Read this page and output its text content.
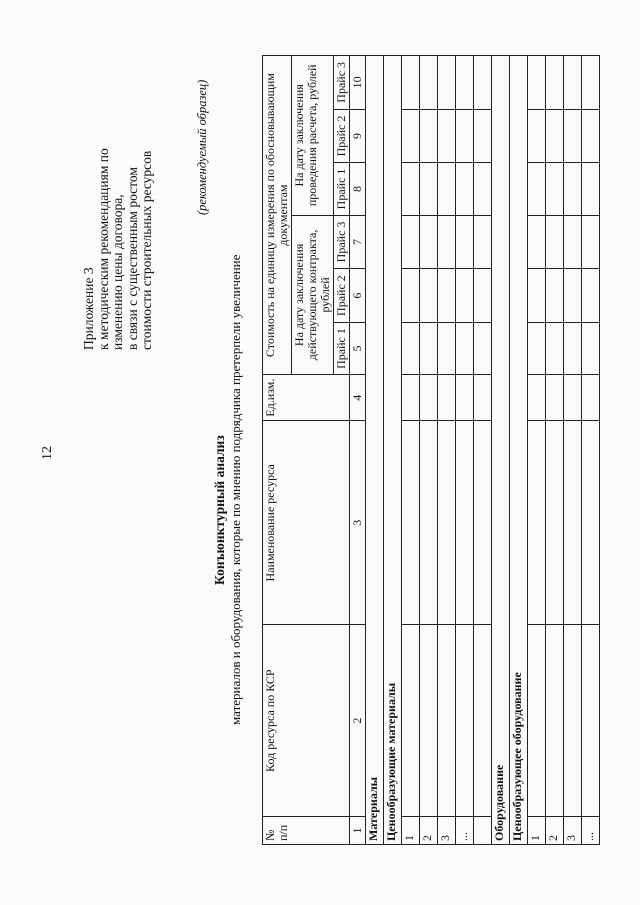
12
Приложение 3 к методическим рекомендациям по изменению цены договора, в связи с существенным ростом стоимости строительных ресурсов
(рекомендуемый образец)
Конъюнктурный анализ материалов и оборудования, которые по мнению подрядчика претерпели увеличение
№ п/п	Код ресурса по КСР	Наименование ресурса	Ед.изм.	Стоимость на единицу измерения по обосновывающим документам					
				На дату заключения действующего контракта, рублей			На дату заключения проведения расчета, рублей		
				Прайс 1	Прайс 2	Прайс 3	Прайс 1	Прайс 2	Прайс 3
1	2	3	4	5	6	7	8	9	10
Материалы									
Ценообразующие материалы									
1									
2									
3									
...									

Оборудование									
Ценообразующее оборудование									
1									
2									
3									
...									
